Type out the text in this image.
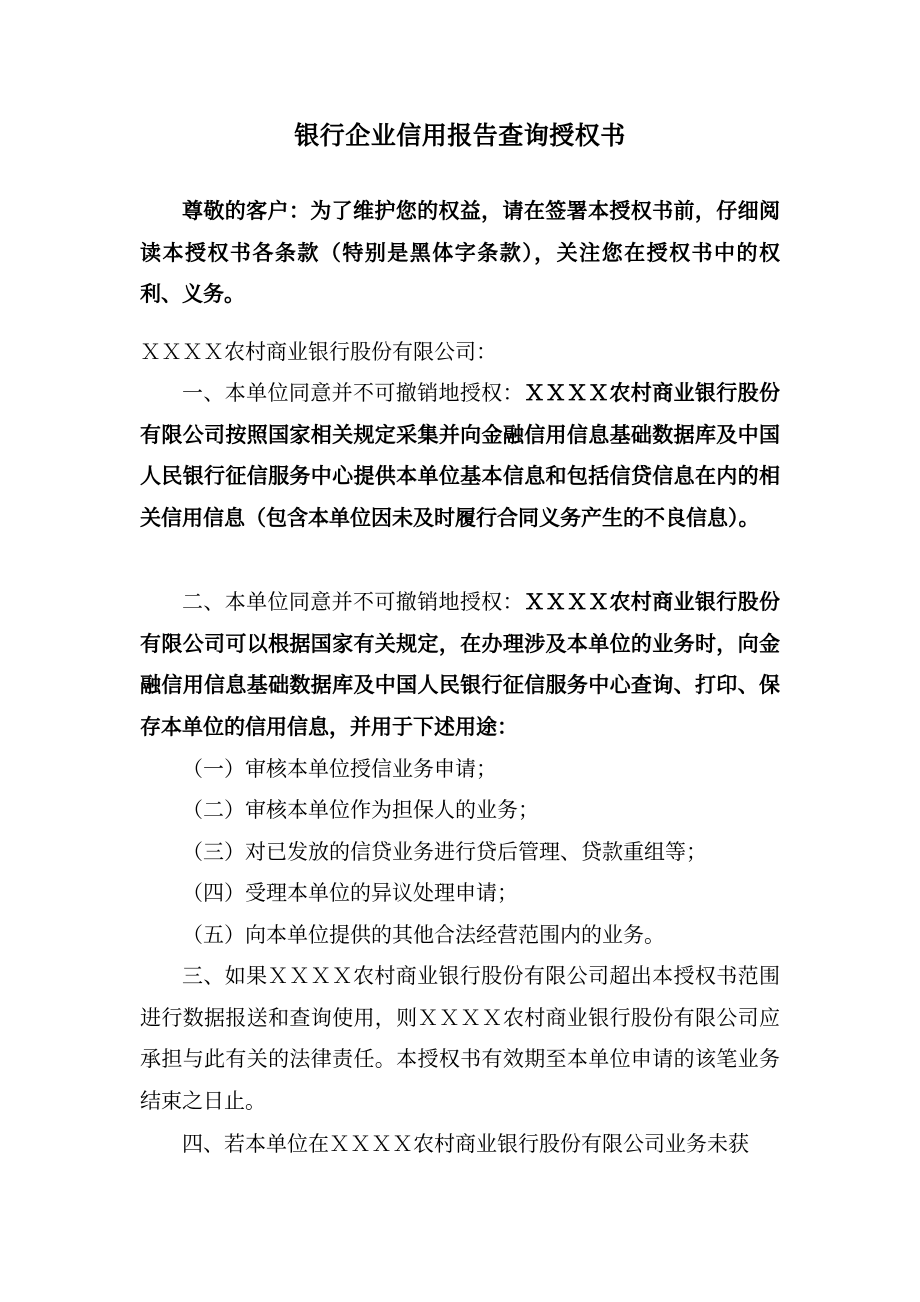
银行企业信用报告查询授权书

尊敬的客户：为了维护您的权益，请在签署本授权书前，仔细阅读本授权书各条款（特别是黑体字条款），关注您在授权书中的权利、义务。

ＸＸＸＸ农村商业银行股份有限公司：

一、本单位同意并不可撤销地授权：ＸＸＸＸ农村商业银行股份有限公司按照国家相关规定采集并向金融信用信息基础数据库及中国人民银行征信服务中心提供本单位基本信息和包括信贷信息在内的相关信用信息（包含本单位因未及时履行合同义务产生的不良信息）。

二、本单位同意并不可撤销地授权：ＸＸＸＸ农村商业银行股份有限公司可以根据国家有关规定，在办理涉及本单位的业务时，向金融信用信息基础数据库及中国人民银行征信服务中心查询、打印、保存本单位的信用信息，并用于下述用途：

（一）审核本单位授信业务申请；

（二）审核本单位作为担保人的业务；

（三）对已发放的信贷业务进行贷后管理、贷款重组等；

（四）受理本单位的异议处理申请；

（五）向本单位提供的其他合法经营范围内的业务。

三、如果ＸＸＸＸ农村商业银行股份有限公司超出本授权书范围进行数据报送和查询使用，则ＸＸＸＸ农村商业银行股份有限公司应承担与此有关的法律责任。本授权书有效期至本单位申请的该笔业务结束之日止。

四、若本单位在ＸＸＸＸ农村商业银行股份有限公司业务未获
